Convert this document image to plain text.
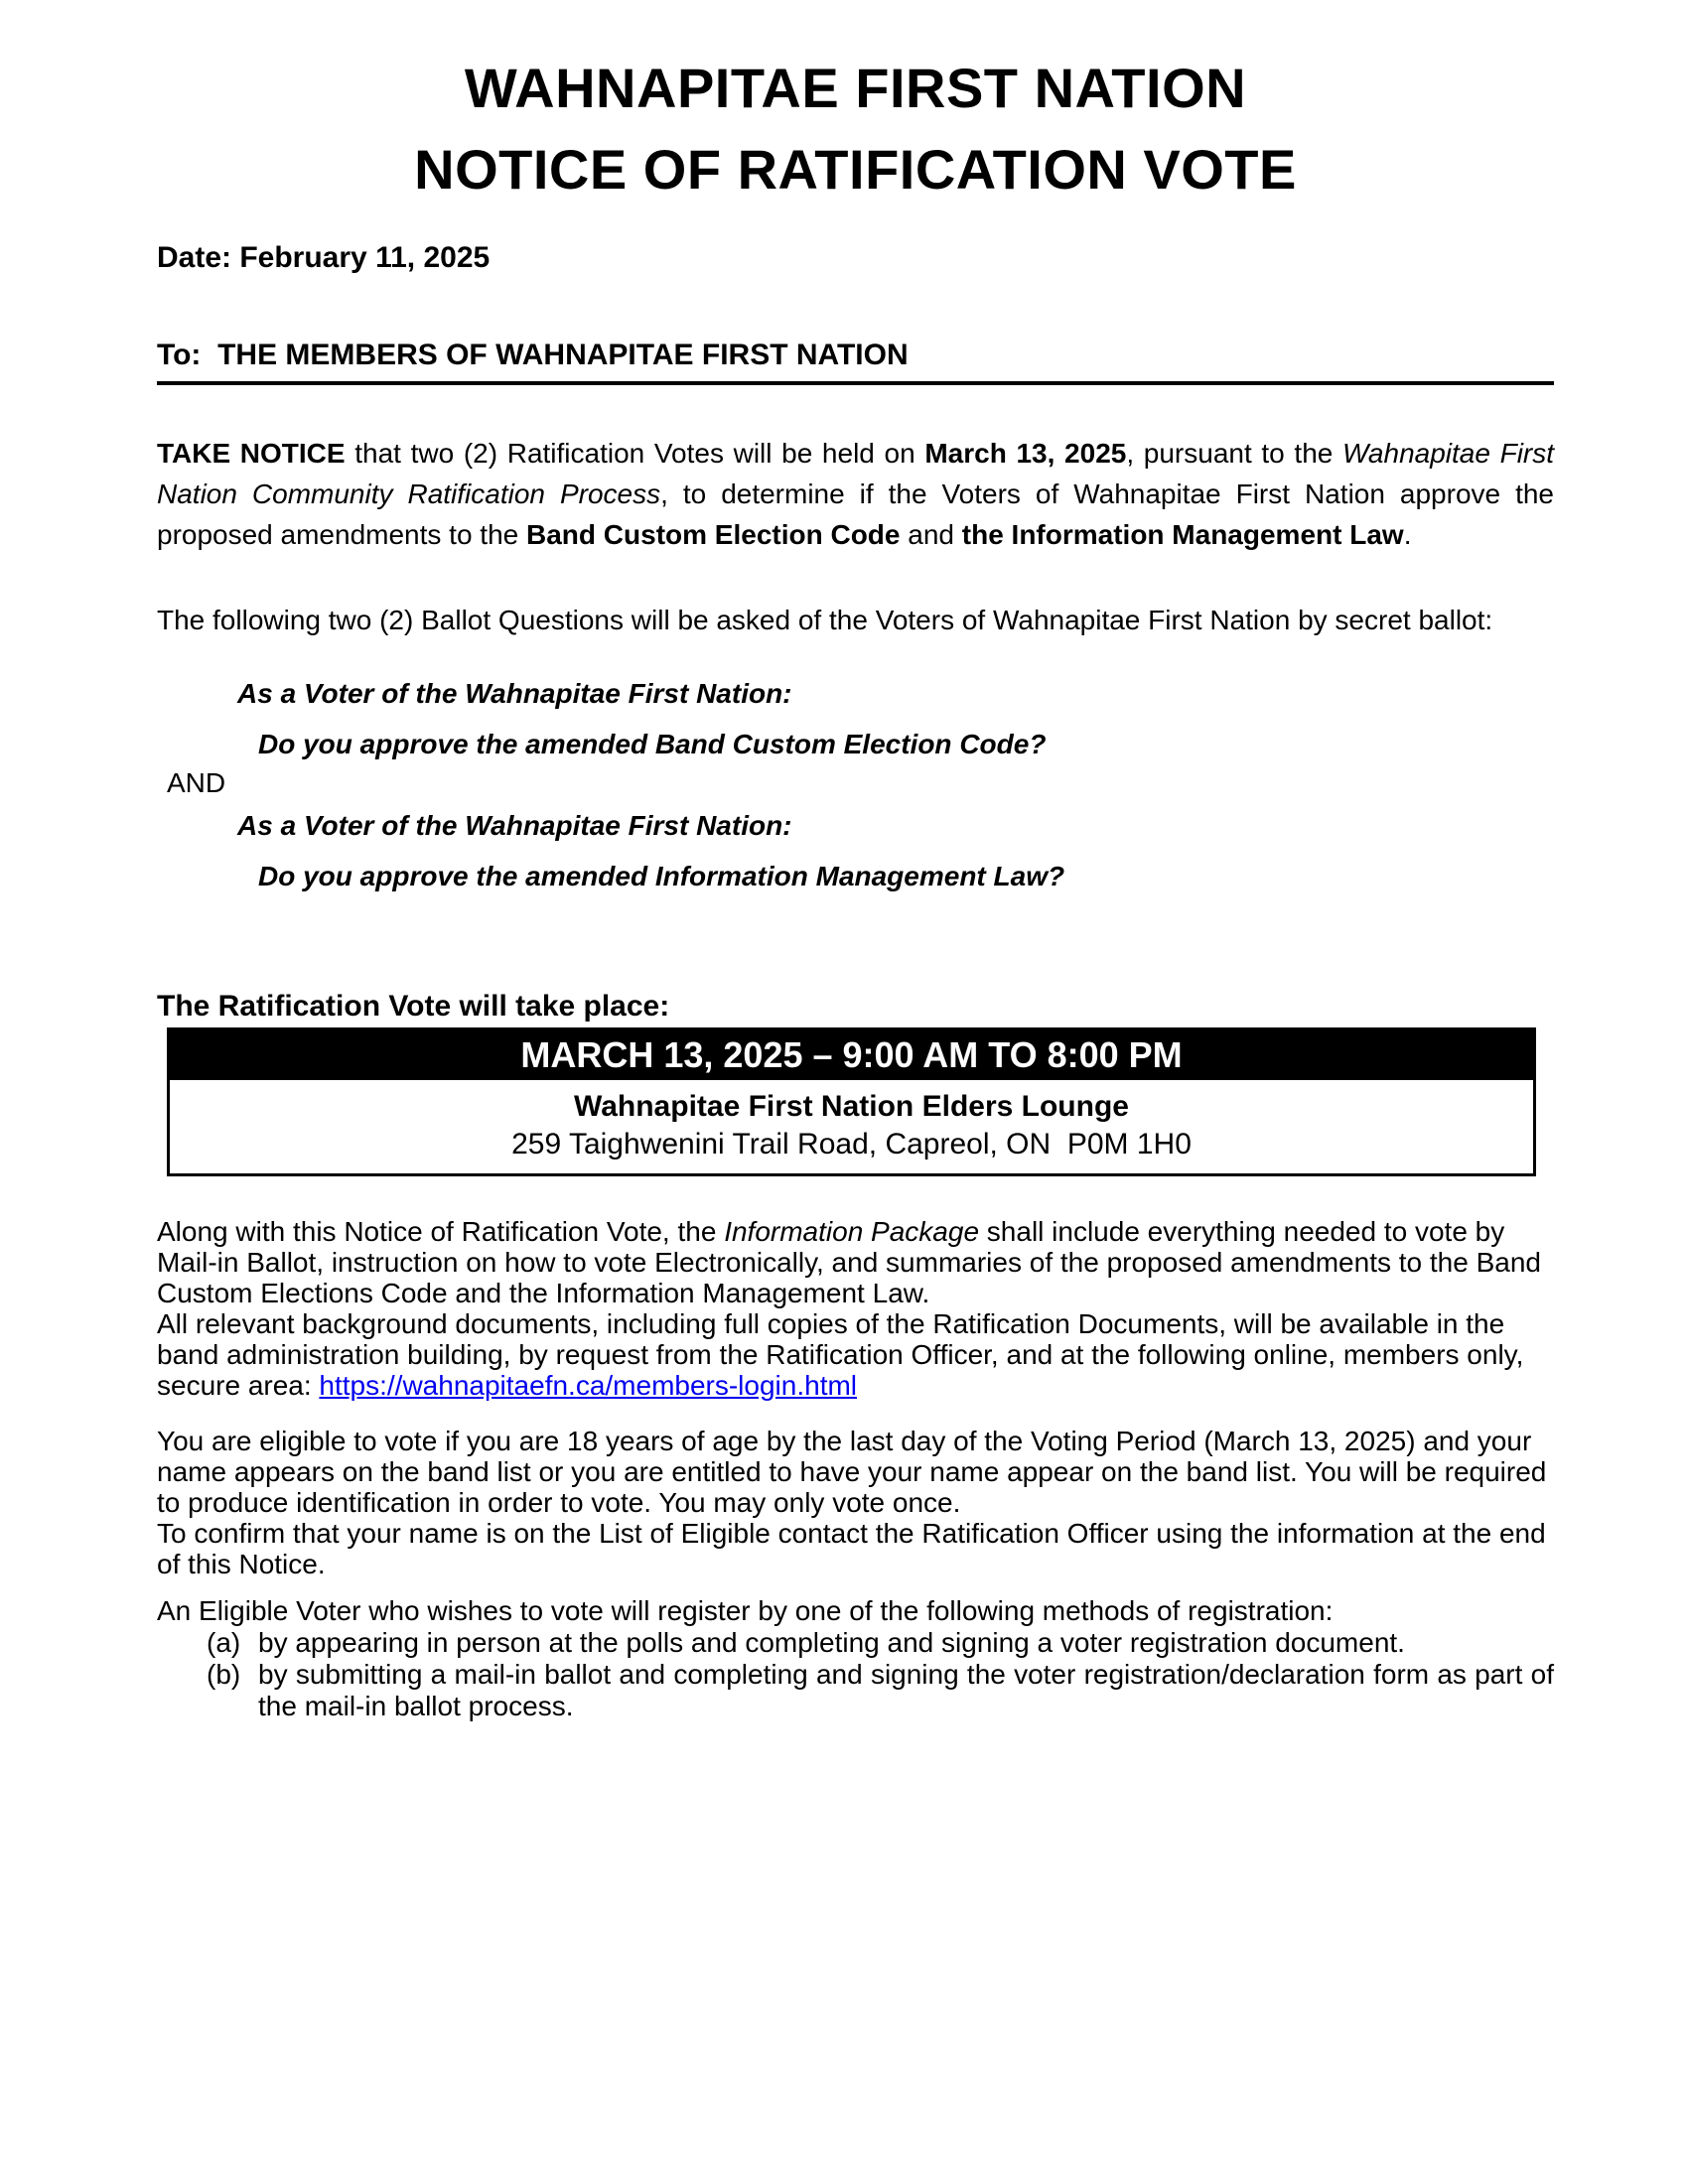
WAHNAPITAE FIRST NATION
NOTICE OF RATIFICATION VOTE
Date: February 11, 2025
To:  THE MEMBERS OF WAHNAPITAE FIRST NATION

TAKE NOTICE that two (2) Ratification Votes will be held on March 13, 2025, pursuant to the Wahnapitae First Nation Community Ratification Process, to determine if the Voters of Wahnapitae First Nation approve the proposed amendments to the Band Custom Election Code and the Information Management Law.

The following two (2) Ballot Questions will be asked of the Voters of Wahnapitae First Nation by secret ballot:

As a Voter of the Wahnapitae First Nation:

Do you approve the amended Band Custom Election Code?

AND

As a Voter of the Wahnapitae First Nation:

Do you approve the amended Information Management Law?

The Ratification Vote will take place:
MARCH 13, 2025 – 9:00 AM TO 8:00 PM
Wahnapitae First Nation Elders Lounge
259 Taighwenini Trail Road, Capreol, ON  P0M 1H0

Along with this Notice of Ratification Vote, the Information Package shall include everything needed to vote by Mail-in Ballot, instruction on how to vote Electronically, and summaries of the proposed amendments to the Band Custom Elections Code and the Information Management Law.
All relevant background documents, including full copies of the Ratification Documents, will be available in the band administration building, by request from the Ratification Officer, and at the following online, members only, secure area: https://wahnapitaefn.ca/members-login.html

You are eligible to vote if you are 18 years of age by the last day of the Voting Period (March 13, 2025) and your name appears on the band list or you are entitled to have your name appear on the band list. You will be required to produce identification in order to vote. You may only vote once.
To confirm that your name is on the List of Eligible contact the Ratification Officer using the information at the end of this Notice.

An Eligible Voter who wishes to vote will register by one of the following methods of registration:

(a) by appearing in person at the polls and completing and signing a voter registration document.

(b) by submitting a mail-in ballot and completing and signing the voter registration/declaration form as part of the mail-in ballot process.
